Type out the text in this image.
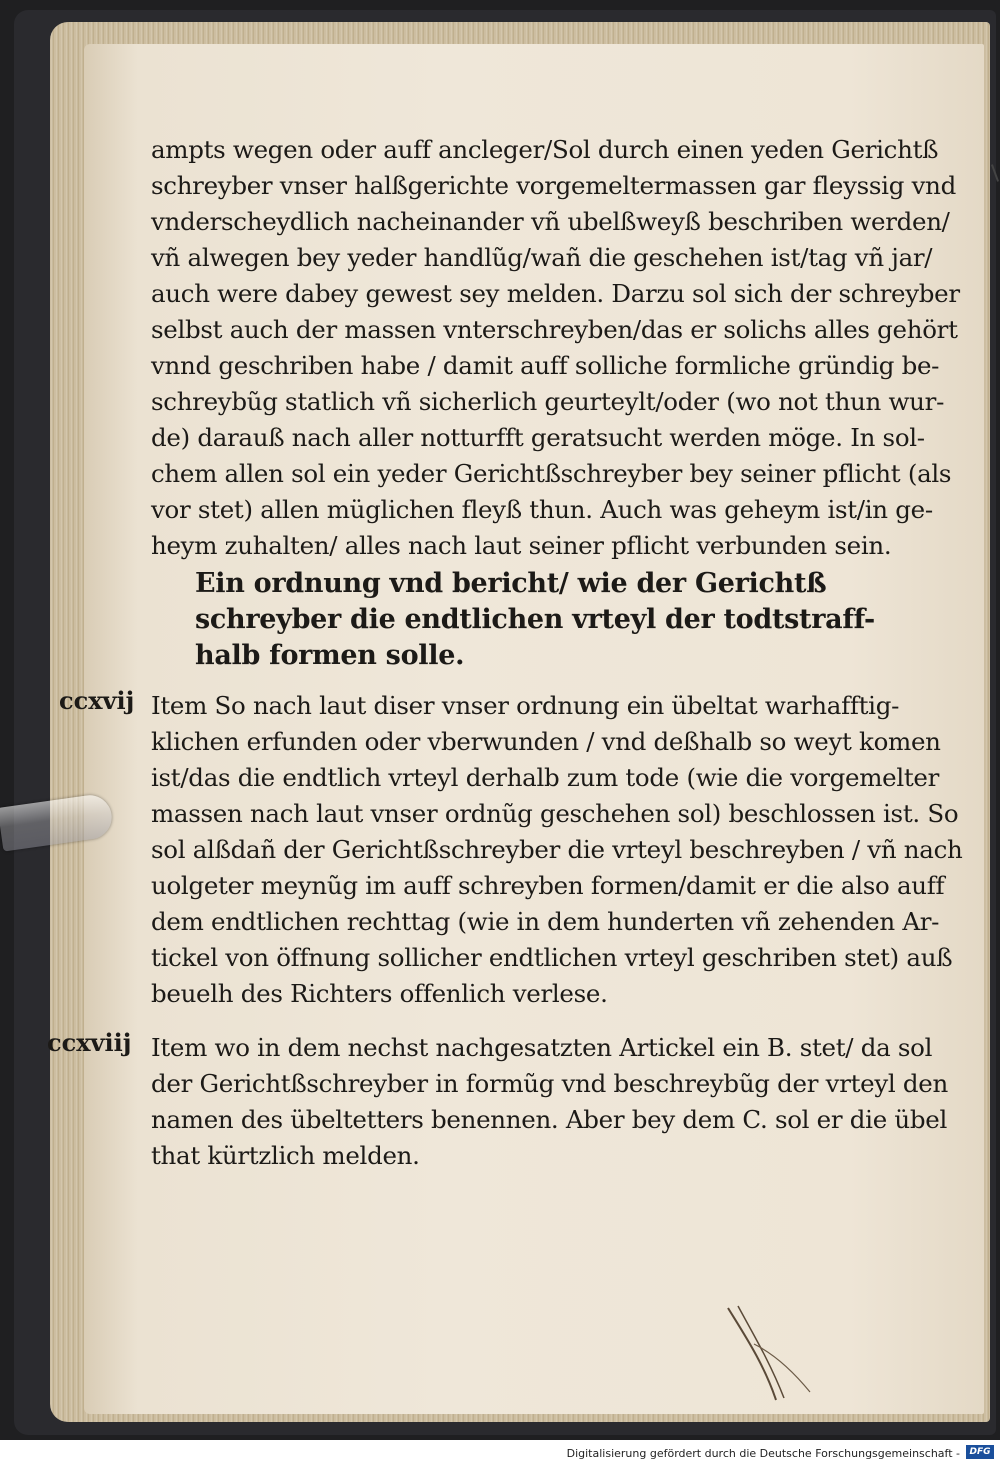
ampts wegen oder auff ancleger/Sol durch einen yeden Gerichtß
schreyber vnser halßgerichte vorgemeltermassen gar fleyssig vnd
vnderscheydlich nacheinander vñ ubelßweyß beschriben werden/
vñ alwegen bey yeder handlũg/wañ die geschehen ist/tag vñ jar/
auch were dabey gewest sey melden. Darzu sol sich der schreyber
selbst auch der massen vnterschreyben/das er solichs alles gehört
vnnd geschriben habe / damit auff solliche formliche gründig be-
schreybũg statlich vñ sicherlich geurteylt/oder (wo not thun wur-
de) darauß nach aller notturfft geratsucht werden möge. In sol-
chem allen sol ein yeder Gerichtßschreyber bey seiner pflicht (als
vor stet) allen müglichen fleyß thun. Auch was geheym ist/in ge-
heym zuhalten/ alles nach laut seiner pflicht verbunden sein.
Ein ordnung vnd bericht/ wie der Gerichtß
schreyber die endtlichen vrteyl der todtstraff-
halb formen solle.
ccxvij Item So nach laut diser vnser ordnung ein übeltat warhafftig-
klichen erfunden oder vberwunden / vnd deßhalb so weyt komen
ist/das die endtlich vrteyl derhalb zum tode (wie die vorgemelter
massen nach laut vnser ordnũg geschehen sol) beschlossen ist. So
sol alßdañ der Gerichtßschreyber die vrteyl beschreyben / vñ nach
uolgeter meynũg im auff schreyben formen/damit er die also auff
dem endtlichen rechttag (wie in dem hunderten vñ zehenden Ar-
tickel von öffnung sollicher endtlichen vrteyl geschriben stet) auß
beuelh des Richters offenlich verlese.
ccxviij Item wo in dem nechst nachgesatzten Artickel ein B. stet/ da sol
der Gerichtßschreyber in formũg vnd beschreybũg der vrteyl den
namen des übeltetters benennen. Aber bey dem C. sol er die übel
that kürtzlich melden.
Digitalisierung gefördert durch die Deutsche Forschungsgemeinschaft -	DFG
